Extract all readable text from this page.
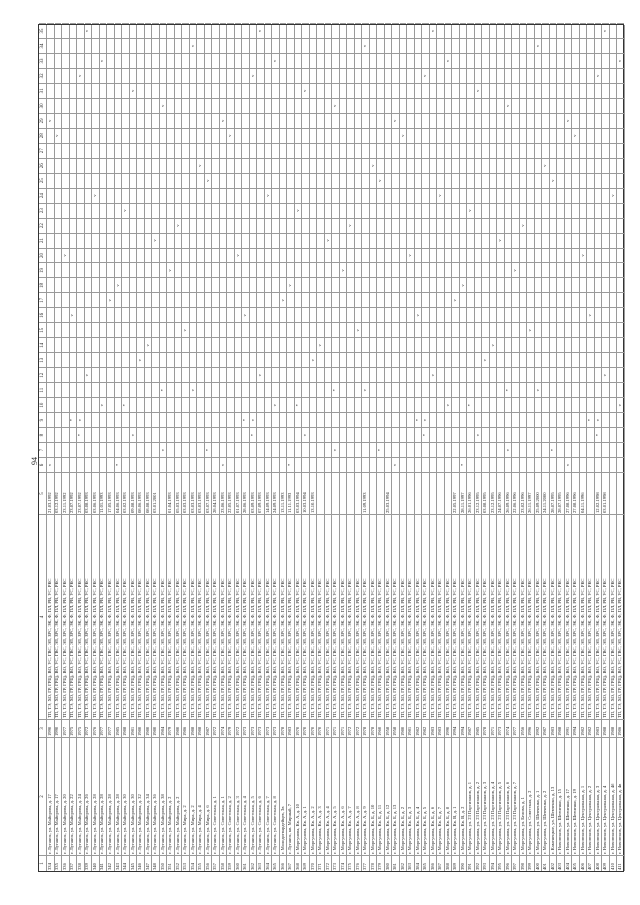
94
1
2
3
4
5
6
7
8
9
10
11
12
13
14
15
16
17
18
19
20
21
22
23
24
25
26
27
28
29
30
31
32
33
34
35
334
г. Луганск, ул. Майорова, д. 17
1990
ТП, ТЭ, ХО, ГР, ГРЦ), ВО, УС, ГВС, ЭЛ, ЗРС, ЭК, Ф, ПЛ, РВ, УС, РКС
21.03.1992
v
v
335
г. Луганск, ул. Майорова, д. 17
1990
ТП, ТЭ, ХО, ГР, ГРЦ), ВО, УС, ГВС, ЭЛ, ЗРС, ЭК, Ф, ПЛ, РВ, УС, РКС
03.12.1992
v
336
г. Луганск, ул. Майорова, д. 20
1977
ТП, ТЭ, ХО, ГР, ГРЦ), ВО, УС, ГВС, ЭЛ, ЗРС, ЭК, Ф, ПЛ, РВ, УС, РКС
23.11.1992
v
337
г. Луганск, ул. Майорова, д. 22
1975
ТП, ТЭ, ХО, ГР, ГРЦ), ВО, УС, ГВС, ЭЛ, ЗРС, ЭК, Ф, ПЛ, РВ, УС, РКС
23.07.1992
*
v
338
г. Луганск, ул. Майорова, д. 24
1975
ТП, ТЭ, ХО, ГР, ГРЦ), ВО, УС, ГВС, ЭЛ, ЗРС, ЭК, Ф, ПЛ, РВ, УС, РКС
23.07.1992
*
v
v
339
г. Луганск, ул. Майорова, д. 26
1972
ТП, ТЭ, ХО, ГР, ГРЦ), ВО, УС, ГВС, ЭЛ, ЗРС, ЭК, Ф, ПЛ, РВ, УС, РКС
03.08.1993
v
v
340
г. Луганск, ул. Майорова, д. 28
1976
ТП, ТЭ, ХО, ГР, ГРЦ), ВО, УС, ГВС, ЭЛ, ЗРС, ЭК, Ф, ПЛ, РВ, УС, РКС
03.06.1993
v
341
г. Луганск, ул. Майорова, д. 28
1977
ТП, ТЭ, ХО, ГР, ГРЦ), ВО, УС, ГВС, ЭЛ, ЗРС, ЭК, Ф, ПЛ, РВ, УС, РКС
11.01.1993
v
v
342
г. Луганск, ул. Майорова, д. 28
1977
ТП, ТЭ, ХО, ГР, ГРЦ), ВО, УС, ГВС, ЭЛ, ЗРС, ЭК, Ф, ПЛ, РВ, УС, РКС
17.05.1993
v
343
г. Луганск, ул. Майорова, д. 28
1985
ТП, ТЭ, ХО, ГР, ГРЦ), ВО, УС, ГВС, ЭЛ, ЗРС, ЭК, Ф, ПЛ, РВ, УС, РКС
04.06.1993
*
v
344
г. Луганск, ул. Майорова, д. 30
1988
ТП, ТЭ, ХО, ГР, ГРЦ), ВО, УС, ГВС, ЭЛ, ЗРС, ЭК, Ф, ПЛ, РВ, УС, РКС
03.02.1993
*
v
345
г. Луганск, ул. Майорова, д. 30
1981
ТП, ТЭ, ХО, ГР, ГРЦ), ВО, УС, ГВС, ЭЛ, ЗРС, ЭК, Ф, ПЛ, РВ, УС, РКС
09.08.1993
v
v
346
г. Луганск, ул. Майорова, д. 32
1980
ТП, ТЭ, ХО, ГР, ГРЦ), ВО, УС, ГВС, ЭЛ, ЗРС, ЭК, Ф, ПЛ, РВ, УС, РКС
08.06.1993
v
347
г. Луганск, ул. Майорова, д. 34
1980
ТП, ТЭ, ХО, ГР, ГРЦ), ВО, УС, ГВС, ЭЛ, ЗРС, ЭК, Ф, ПЛ, РВ, УС, РКС
08.08.1993
v
348
г. Луганск, ул. Майорова, д. 36
1980
ТП, ТЭ, ХО, ГР, ГРЦ), ВО, УС, ГВС, ЭЛ, ЗРС, ЭК, Ф, ПЛ, РВ, УС, РКС
03.01.2001
v
350
г. Луганск, ул. Майорова, д. 38
1984
ТП, ТЭ, ХО, ГР, ГРЦ), ВО, УС, ГВС, ЭЛ, ЗРС, ЭК, Ф, ПЛ, РВ, УС, РКС
v
*
v
351
г. Луганск, ул. Майорова, д. 2
1979
ТП, ТЭ, ХО, ГР, ГРЦ), ВО, УС, ГВС, ЭЛ, ЗРС, ЭК, Ф, ПЛ, РВ, УС, РКС
01.04.1993
v
352
г. Луганск, ул. Майорова, д. 2
1980
ТП, ТЭ, ХО, ГР, ГРЦ), ВО, УС, ГВС, ЭЛ, ЗРС, ЭК, Ф, ПЛ, РВ, УС, РКС
05.03.1993
v
353
г. Луганск, ул. Мира, д. 2
1986
ТП, ТЭ, ХО, ГР, ГРЦ), ВО, УС, ГВС, ЭЛ, ЗРС, ЭК, Ф, ПЛ, РВ, УС, РКС
03.03.1993
v
354
г. Луганск, ул. Мира, д. 2
1988
ТП, ТЭ, ХО, ГР, ГРЦ), ВО, УС, ГВС, ЭЛ, ЗРС, ЭК, Ф, ПЛ, РВ, УС, РКС
03.03.1993
v
v
355
г. Луганск, ул. Мира, д. 4
1988
ТП, ТЭ, ХО, ГР, ГРЦ), ВО, УС, ГВС, ЭЛ, ЗРС, ЭК, Ф, ПЛ, РВ, УС, РКС
03.03.1993
v
356
г. Луганск, ул. Мира, д. 6
1987
ТП, ТЭ, ХО, ГР, ГРЦ), ВО, УС, ГВС, ЭЛ, ЗРС, ЭК, Ф, ПЛ, РВ, УС, РКС
03.07.1993
*
v
357
г. Луганск, ул. Советская, д. 1
1972
ТП, ТЭ, ХО, ГР, ГРЦ), ВО, УС, ГВС, ЭЛ, ЗРС, ЭК, Ф, ПЛ, РВ, УС, РКС
28.04.1993
358
г. Луганск, ул. Советская, д. 1
1974
ТП, ТЭ, ХО, ГР, ГРЦ), ВО, УС, ГВС, ЭЛ, ЗРС, ЭК, Ф, ПЛ, РВ, УС, РКС
23.06.1993
v
v
359
г. Луганск, ул. Советская, д. 2
1979
ТП, ТЭ, ХО, ГР, ГРЦ), ВО, УС, ГВС, ЭЛ, ЗРС, ЭК, Ф, ПЛ, РВ, УС, РКС
22.05.1993
v
360
г. Луганск, ул. Советская, д. 3
1972
ТП, ТЭ, ХО, ГР, ГРЦ), ВО, УС, ГВС, ЭЛ, ЗРС, ЭК, Ф, ПЛ, РВ, УС, РКС
01.07.1993
v
361
г. Луганск, ул. Советская, д. 4
1973
ТП, ТЭ, ХО, ГР, ГРЦ), ВО, УС, ГВС, ЭЛ, ЗРС, ЭК, Ф, ПЛ, РВ, УС, РКС
28.06.1993
*
v
362
г. Луганск, ул. Советская, д. 5
1973
ТП, ТЭ, ХО, ГР, ГРЦ), ВО, УС, ГВС, ЭЛ, ЗРС, ЭК, Ф, ПЛ, РВ, УС, РКС
03.09.1993
*
v
v
363
г. Луганск, ул. Советская, д. 6
1973
ТП, ТЭ, ХО, ГР, ГРЦ), ВО, УС, ГВС, ЭЛ, ЗРС, ЭК, Ф, ПЛ, РВ, УС, РКС
07.09.1993
v
v
364
г. Луганск, ул. Советская, д. 7
1973
ТП, ТЭ, ХО, ГР, ГРЦ), ВО, УС, ГВС, ЭЛ, ЗРС, ЭК, Ф, ПЛ, РВ, УС, РКС
14.09.1993
v
365
г. Луганск, ул. Советская, д. 8
1973
ТП, ТЭ, ХО, ГР, ГРЦ), ВО, УС, ГВС, ЭЛ, ЗРС, ЭК, Ф, ПЛ, РВ, УС, РКС
24.09.1993
v
v
366
г. Молодогвардейцев, 3в
1978
ТП, ТЭ, ХО, ГР, ГРЦ), ВО, УС, ГВС, ЭЛ, ЗРС, ЭК, Ф, ПЛ, РВ, УС, РКС
13.11.1993
v
367
г. Луганск, кв. Мирный, 7
1983
ТП, ТЭ, ХО, ГР, ГРЦ), ВО, УС, ГВС, ЭЛ, ЗРС, ЭК, Ф, ПЛ, РВ, УС, РКС
11.11.1993
*
v
368
г. Моргунова, Кв. А, д. 10
1970
ТП, ТЭ, ХО, ГР, ГРЦ), ВО, УС, ГВС, ЭЛ, ЗРС, ЭК, Ф, ПЛ, РВ, УС, РКС
03.03.1994
*
v
369
г. Моргунова, Кв. А, д. 1
1970
ТП, ТЭ, ХО, ГР, ГРЦ), ВО, УС, ГВС, ЭЛ, ЗРС, ЭК, Ф, ПЛ, РВ, УС, РКС
10.03.1994
v
v
370
г. Моргунова, Кв. А, д. 2
1970
ТП, ТЭ, ХО, ГР, ГРЦ), ВО, УС, ГВС, ЭЛ, ЗРС, ЭК, Ф, ПЛ, РВ, УС, РКС
13.10.1993
v
371
г. Моргунова, Кв. А, д. 3
1970
ТП, ТЭ, ХО, ГР, ГРЦ), ВО, УС, ГВС, ЭЛ, ЗРС, ЭК, Ф, ПЛ, РВ, УС, РКС
v
372
г. Моргунова, Кв. А, д. 4
1971
ТП, ТЭ, ХО, ГР, ГРЦ), ВО, УС, ГВС, ЭЛ, ЗРС, ЭК, Ф, ПЛ, РВ, УС, РКС
v
373
г. Моргунова, Кв. А, д. 5
1971
ТП, ТЭ, ХО, ГР, ГРЦ), ВО, УС, ГВС, ЭЛ, ЗРС, ЭК, Ф, ПЛ, РВ, УС, РКС
v
*
v
374
г. Моргунова, Кв. А, д. 6
1971
ТП, ТЭ, ХО, ГР, ГРЦ), ВО, УС, ГВС, ЭЛ, ЗРС, ЭК, Ф, ПЛ, РВ, УС, РКС
v
375
г. Моргунова, Кв. А, д. 7
1972
ТП, ТЭ, ХО, ГР, ГРЦ), ВО, УС, ГВС, ЭЛ, ЗРС, ЭК, Ф, ПЛ, РВ, УС, РКС
v
376
г. Моргунова, Кв. А, д. 8
1972
ТП, ТЭ, ХО, ГР, ГРЦ), ВО, УС, ГВС, ЭЛ, ЗРС, ЭК, Ф, ПЛ, РВ, УС, РКС
v
377
г. Моргунова, Кв. А, д. 9
1978
ТП, ТЭ, ХО, ГР, ГРЦ), ВО, УС, ГВС, ЭЛ, ЗРС, ЭК, Ф, ПЛ, РВ, УС, РКС
11.09.1993
v
v
378
г. Моргунова, Кв. Б, д. 10
1978
ТП, ТЭ, ХО, ГР, ГРЦ), ВО, УС, ГВС, ЭЛ, ЗРС, ЭК, Ф, ПЛ, РВ, УС, РКС
v
379
г. Моргунова, Кв. Б, д. 11
1960
ТП, ТЭ, ХО, ГР, ГРЦ), ВО, УС, ГВС, ЭЛ, ЗРС, ЭК, Ф, ПЛ, РВ, УС, РКС
*
v
380
г. Моргунова, Кв. Б, д. 12
1958
ТП, ТЭ, ХО, ГР, ГРЦ), ВО, УС, ГВС, ЭЛ, ЗРС, ЭК, Ф, ПЛ, РВ, УС, РКС
25.03.1994
381
г. Моргунова, Кв. Б, д. 13
1958
ТП, ТЭ, ХО, ГР, ГРЦ), ВО, УС, ГВС, ЭЛ, ЗРС, ЭК, Ф, ПЛ, РВ, УС, РКС
v
v
382
г. Моргунова, Кв. Б, д. 2
1980
ТП, ТЭ, ХО, ГР, ГРЦ), ВО, УС, ГВС, ЭЛ, ЗРС, ЭК, Ф, ПЛ, РВ, УС, РКС
v
383
г. Моргунова, Кв. Б, д. 3
1981
ТП, ТЭ, ХО, ГР, ГРЦ), ВО, УС, ГВС, ЭЛ, ЗРС, ЭК, Ф, ПЛ, РВ, УС, РКС
v
384
г. Моргунова, Кв. Б, д. 4
1982
ТП, ТЭ, ХО, ГР, ГРЦ), ВО, УС, ГВС, ЭЛ, ЗРС, ЭК, Ф, ПЛ, РВ, УС, РКС
*
v
385
г. Моргунова, Кв. Б, д. 5
1982
ТП, ТЭ, ХО, ГР, ГРЦ), ВО, УС, ГВС, ЭЛ, ЗРС, ЭК, Ф, ПЛ, РВ, УС, РКС
*
v
v
386
г. Моргунова, Кв. Б, д. 6
1983
ТП, ТЭ, ХО, ГР, ГРЦ), ВО, УС, ГВС, ЭЛ, ЗРС, ЭК, Ф, ПЛ, РВ, УС, РКС
v
v
387
г. Моргунова, Кв. Б, д. 7
1983
ТП, ТЭ, ХО, ГР, ГРЦ), ВО, УС, ГВС, ЭЛ, ЗРС, ЭК, Ф, ПЛ, РВ, УС, РКС
v
388
г. Моргунова, Кв. Б, д. 8
1990
ТП, ТЭ, ХО, ГР, ГРЦ), ВО, УС, ГВС, ЭЛ, ЗРС, ЭК, Ф, ПЛ, РВ, УС, РКС
v
v
389
г. Моргунова, Кв. В, д. 1
1994
ТП, ТЭ, ХО, ГР, ГРЦ), ВО, УС, ГВС, ЭЛ, ЗРС, ЭК, Ф, ПЛ, РВ, УС, РКС
22.05.1997
v
390
г. Моргунова, Кв. В, д. 2
1994
ТП, ТЭ, ХО, ГР, ГРЦ), ВО, УС, ГВС, ЭЛ, ЗРС, ЭК, Ф, ПЛ, РВ, УС, РКС
28.11.1997
*
v
391
г. Моргунова, ул. 23 Партизанов, д. 1
1987
ТП, ТЭ, ХО, ГР, ГРЦ), ВО, УС, ГВС, ЭЛ, ЗРС, ЭК, Ф, ПЛ, РВ, УС, РКС
26.01.1996
*
v
392
г. Моргунова, ул. 23 Партизанов, д. 2
1985
ТП, ТЭ, ХО, ГР, ГРЦ), ВО, УС, ГВС, ЭЛ, ЗРС, ЭК, Ф, ПЛ, РВ, УС, РКС
23.12.1995
v
v
393
г. Моргунова, ул. 23 Партизанов, д. 3
1978
ТП, ТЭ, ХО, ГР, ГРЦ), ВО, УС, ГВС, ЭЛ, ЗРС, ЭК, Ф, ПЛ, РВ, УС, РКС
03.08.1995
v
394
г. Моргунова, ул. 23 Партизанов, д. 4
1971
ТП, ТЭ, ХО, ГР, ГРЦ), ВО, УС, ГВС, ЭЛ, ЗРС, ЭК, Ф, ПЛ, РВ, УС, РКС
23.12.1995
v
395
г. Моргунова, ул. 23 Партизанов, д. 5
1973
ТП, ТЭ, ХО, ГР, ГРЦ), ВО, УС, ГВС, ЭЛ, ЗРС, ЭК, Ф, ПЛ, РВ, УС, РКС
24.07.1996
v
396
г. Моргунова, ул. 23 Партизанов, д. 6
1974
ТП, ТЭ, ХО, ГР, ГРЦ), ВО, УС, ГВС, ЭЛ, ЗРС, ЭК, Ф, ПЛ, РВ, УС, РКС
26.09.1996
v
*
v
397
г. Моргунова, ул. 23 Партизанов, д. 7
1977
ТП, ТЭ, ХО, ГР, ГРЦ), ВО, УС, ГВС, ЭЛ, ЗРС, ЭК, Ф, ПЛ, РВ, УС, РКС
22.06.1996
v
398
г. Моргунова, ул. Белова, д. 1
1956
ТП, ТЭ, ХО, ГР, ГРЦ), ВО, УС, ГВС, ЭЛ, ЗРС, ЭК, Ф, ПЛ, РВ, УС, РКС
23.02.1996
v
399
г. Моргунова, ул. Советская, д. 2
1996
ТП, ТЭ, ХО, ГР, ГРЦ), ВО, УС, ГВС, ЭЛ, ЗРС, ЭК, Ф, ПЛ, РВ, УС, РКС
26.11.1997
v
400
г. Моргунова, ул. Шевченко, д. 1
1992
ТП, ТЭ, ХО, ГР, ГРЦ), ВО, УС, ГВС, ЭЛ, ЗРС, ЭК, Ф, ПЛ, РВ, УС, РКС
25.09.2000
v
v
401
г. Моргунова, ул. Шевченко, д. 2
1987
ТП, ТЭ, ХО, ГР, ГРЦ), ВО, УС, ГВС, ЭЛ, ЗРС, ЭК, Ф, ПЛ, РВ, УС, РКС
24.11.2000
v
402
г. Каменецкое, ул. Шевченко, д. 13
1983
ТП, ТЭ, ХО, ГР, ГРЦ), ВО, УС, ГВС, ЭЛ, ЗРС, ЭК, Ф, ПЛ, РВ, УС, РКС
28.07.1995
*
v
403
г. Новопсков, ул. Шевченко, д. 15
1988
ТП, ТЭ, ХО, ГР, ГРЦ), ВО, УС, ГВС, ЭЛ, ЗРС, ЭК, Ф, ПЛ, РВ, УС, РКС
28.07.1995
404
г. Новопсков, ул. Шевченко, д. 17
1991
ТП, ТЭ, ХО, ГР, ГРЦ), ВО, УС, ГВС, ЭЛ, ЗРС, ЭК, Ф, ПЛ, РВ, УС, РКС
27.08.1996
v
v
405
г. Новопсков, ул. Шевченко, д. 19
1994
ТП, ТЭ, ХО, ГР, ГРЦ), ВО, УС, ГВС, ЭЛ, ЗРС, ЭК, Ф, ПЛ, РВ, УС, РКС
27.08.1996
v
406
г. Новопсков, ул. Центральная, д. 1
1982
ТП, ТЭ, ХО, ГР, ГРЦ), ВО, УС, ГВС, ЭЛ, ЗРС, ЭК, Ф, ПЛ, РВ, УС, РКС
04.11.1996
v
407
г. Новопсков, ул. Центральная, д. 2
1982
ТП, ТЭ, ХО, ГР, ГРЦ), ВО, УС, ГВС, ЭЛ, ЗРС, ЭК, Ф, ПЛ, РВ, УС, РКС
*
v
408
г. Новопсков, ул. Центральная, д. 3
1983
ТП, ТЭ, ХО, ГР, ГРЦ), ВО, УС, ГВС, ЭЛ, ЗРС, ЭК, Ф, ПЛ, РВ, УС, РКС
12.02.1998
*
v
v
409
г. Новопсков, ул. Центральная, д. 4
1988
ТП, ТЭ, ХО, ГР, ГРЦ), ВО, УС, ГВС, ЭЛ, ЗРС, ЭК, Ф, ПЛ, РВ, УС, РКС
03.01.1998
v
v
410
г. Новопсков, ул. Центральная, д. 4б
1988
ТП, ТЭ, ХО, ГР, ГРЦ), ВО, УС, ГВС, ЭЛ, ЗРС, ЭК, Ф, ПЛ, РВ, УС, РКС
v
411
г. Новопсков, ул. Центральная, д. 4в
1986
ТП, ТЭ, ХО, ГР, ГРЦ), ВО, УС, ГВС, ЭЛ, ЗРС, ЭК, Ф, ПЛ, РВ, УС, РКС
v
v
